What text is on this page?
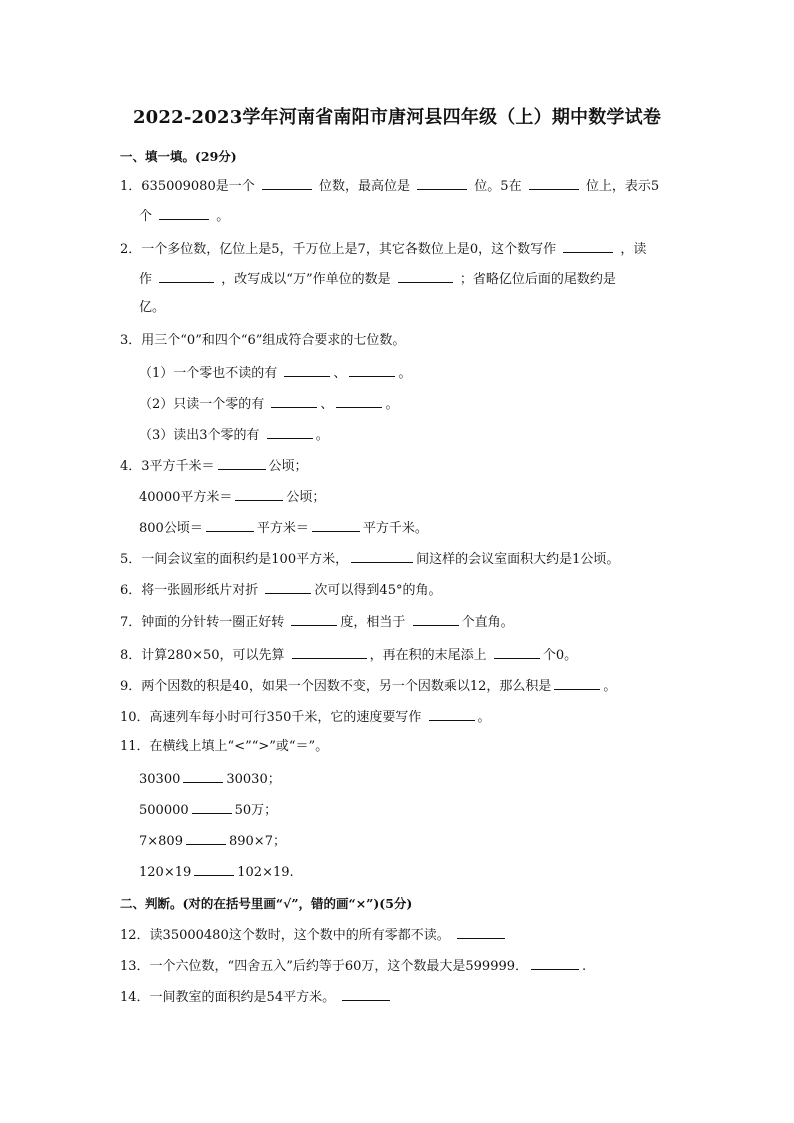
2022-2023学年河南省南阳市唐河县四年级（上）期中数学试卷
一、填一填。(29分)
1．635009080是一个	位数，最高位是	位。5在	位上，表示5
个	。
2．一个多位数，亿位上是5，千万位上是7，其它各数位上是0，这个数写作	，读
作	，改写成以“万”作单位的数是	；省略亿位后面的尾数约是
亿。
3．用三个“0”和四个“6”组成符合要求的七位数。
（1）一个零也不读的有	、	。
（2）只读一个零的有	、	。
（3）读出3个零的有	。
4．3平方千米＝	公顷；
40000平方米＝	公顷；
800公顷＝	平方米＝	平方千米。
5．一间会议室的面积约是100平方米，	间这样的会议室面积大约是1公顷。
6．将一张圆形纸片对折	次可以得到45°的角。
7．钟面的分针转一圈正好转	度，相当于	个直角。
8．计算280×50，可以先算	，再在积的末尾添上	个0。
9．两个因数的积是40，如果一个因数不变，另一个因数乘以12，那么积是	。
10．高速列车每小时可行350千米，它的速度要写作	。
11．在横线上填上“<”“>”或“＝”。
30300	30030；
500000	50万；
7×809	890×7；
120×19	102×19.
二、判断。(对的在括号里画“√”，错的画“×”)(5分)
12．读35000480这个数时，这个数中的所有零都不读。
13．一个六位数，“四舍五入”后约等于60万，这个数最大是599999．	.
14．一间教室的面积约是54平方米。
